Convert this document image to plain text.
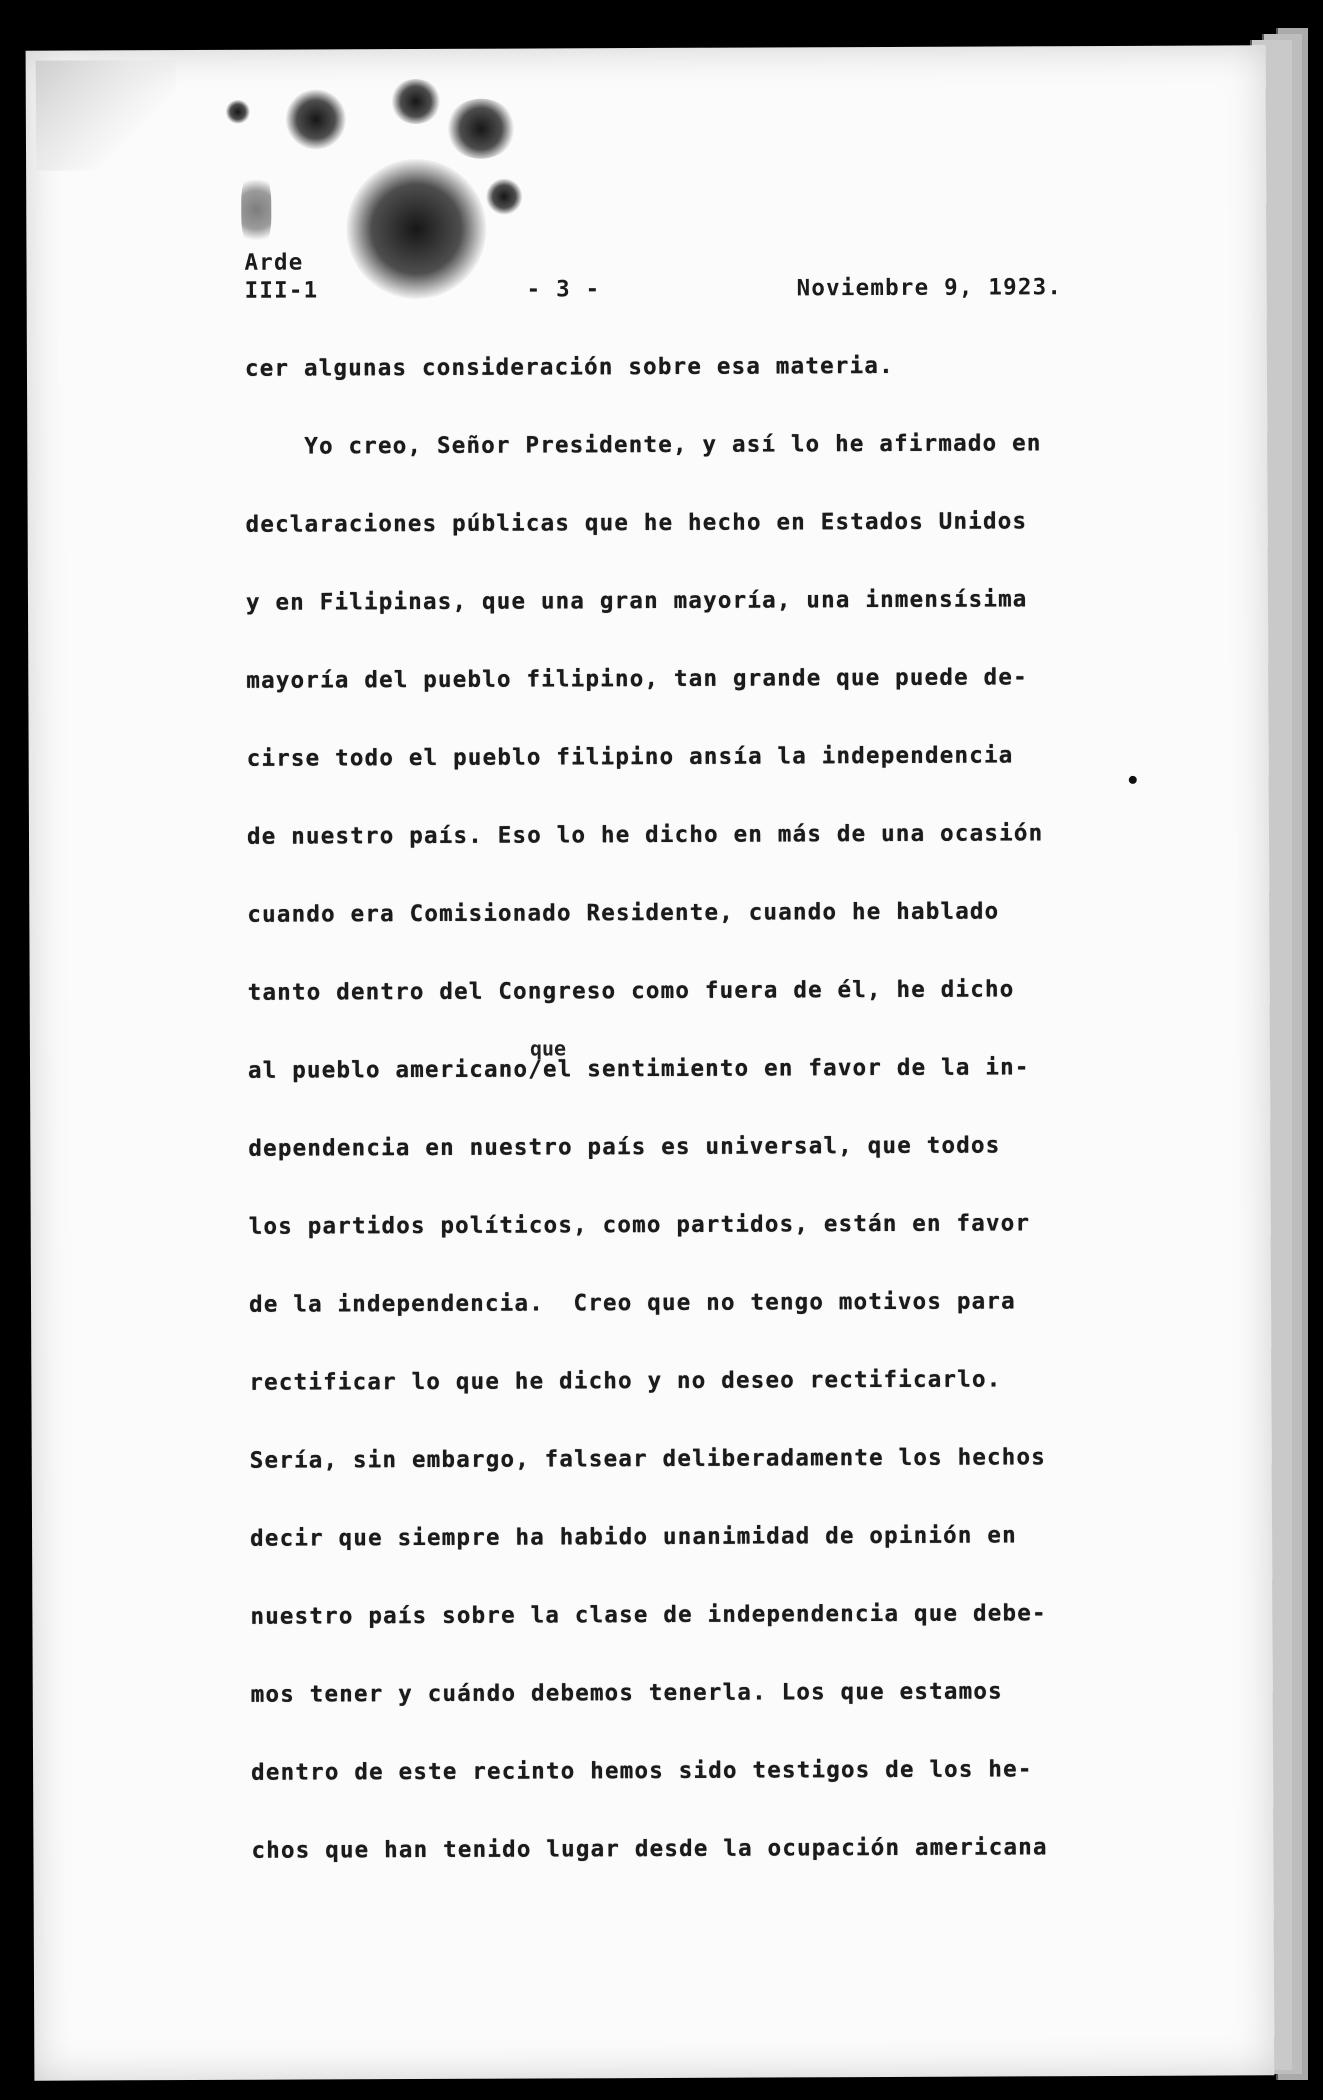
Arde
III-1	- 3 -	Noviembre 9, 1923.
cer algunas consideración sobre esa materia.
Yo creo, Señor Presidente, y así lo he afirmado en
declaraciones públicas que he hecho en Estados Unidos
y en Filipinas, que una gran mayoría, una inmensísima
mayoría del pueblo filipino, tan grande que puede de-
cirse todo el pueblo filipino ansía la independencia
de nuestro país. Eso lo he dicho en más de una ocasión
cuando era Comisionado Residente, cuando he hablado
tanto dentro del Congreso como fuera de él, he dicho
que
al pueblo americano/el sentimiento en favor de la in-
dependencia en nuestro país es universal, que todos
los partidos políticos, como partidos, están en favor
de la independencia.  Creo que no tengo motivos para
rectificar lo que he dicho y no deseo rectificarlo.
Sería, sin embargo, falsear deliberadamente los hechos
decir que siempre ha habido unanimidad de opinión en
nuestro país sobre la clase de independencia que debe-
mos tener y cuándo debemos tenerla. Los que estamos
dentro de este recinto hemos sido testigos de los he-
chos que han tenido lugar desde la ocupación americana
